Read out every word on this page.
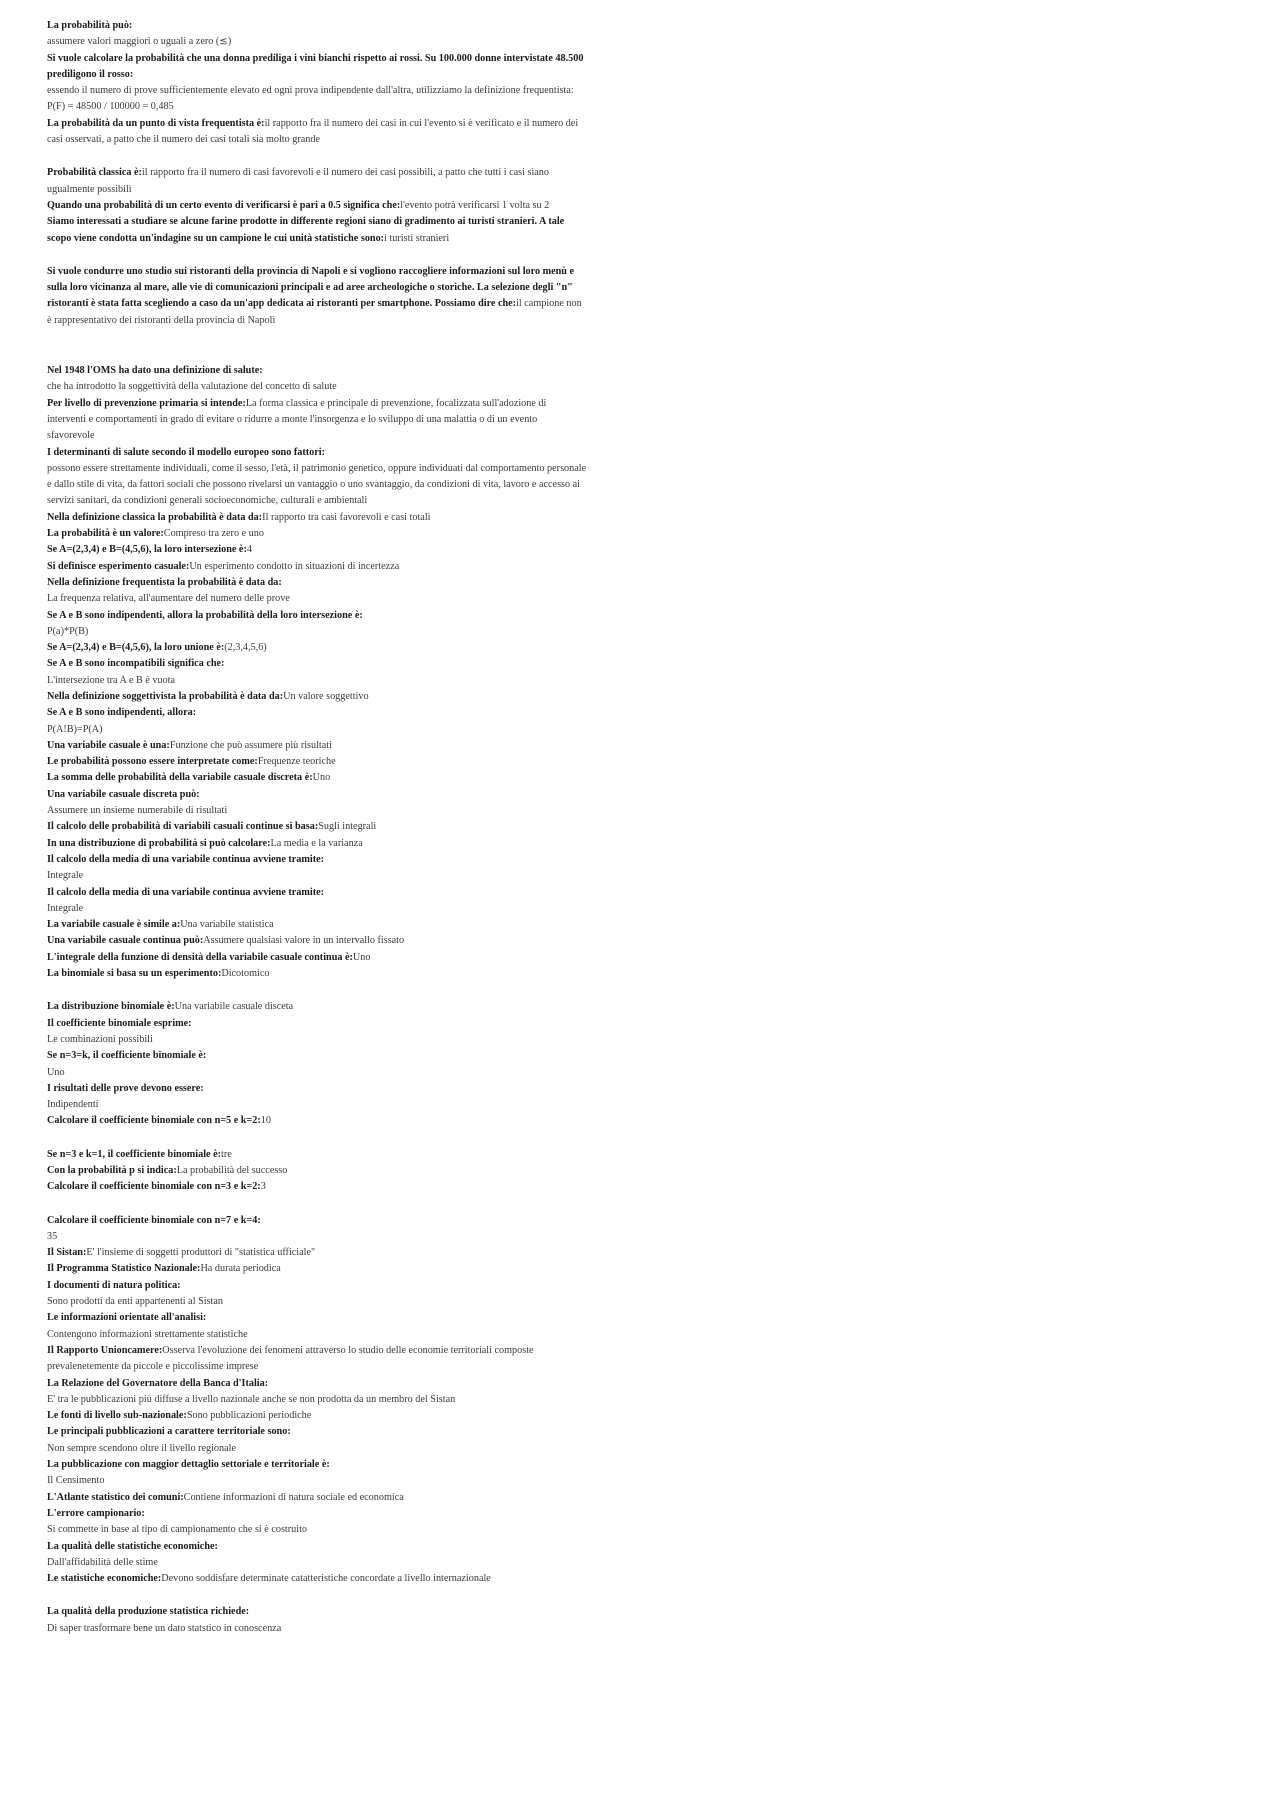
La probabilità può:
assumere valori maggiori o uguali a zero (≲)

Si vuole calcolare la probabilità che una donna prediliga i vini bianchi rispetto ai rossi. Su 100.000 donne intervistate 48.500 prediligono il rosso:
essendo il numero di prove sufficientemente elevato ed ogni prova indipendente dall'altra, utilizziamo la definizione frequentista: P(F) = 48500 / 100000 = 0,485

La probabilità da un punto di vista frequentista è:il rapporto fra il numero dei casi in cui l'evento si è verificato e il numero dei casi osservati, a patto che il numero dei casi totali sia molto grande

Probabilità classica è:il rapporto fra il numero di casi favorevoli e il numero dei casi possibili, a patto che tutti i casi siano ugualmente possibili

Quando una probabilità di un certo evento di verificarsi è pari a 0.5 significa che:l'evento potrà verificarsi 1 volta su 2

Siamo interessati a studiare se alcune farine prodotte in differente regioni siano di gradimento ai turisti stranieri. A tale scopo viene condotta un'indagine su un campione le cui unità statistiche sono:i turisti stranieri

Si vuole condurre uno studio sui ristoranti della provincia di Napoli e si vogliono raccogliere informazioni sul loro menù e sulla loro vicinanza al mare, alle vie di comunicazioni principali e ad aree archeologiche o storiche. La selezione degli "n" ristoranti è stata fatta scegliendo a caso da un'app dedicata ai ristoranti per smartphone. Possiamo dire che:il campione non è rappresentativo dei ristoranti della provincia di Napoli

Nel 1948 l'OMS ha dato una definizione di salute:
che ha introdotto la soggettività della valutazione del concetto di salute

Per livello di prevenzione primaria si intende:La forma classica e principale di prevenzione, focalizzata sull'adozione di interventi e comportamenti in grado di evitare o ridurre a monte l'insorgenza e lo sviluppo di una malattia o di un evento sfavorevole

I determinanti di salute secondo il modello europeo sono fattori:
possono essere strettamente individuali, come il sesso, l'età, il patrimonio genetico, oppure individuati dal comportamento personale e dallo stile di vita, da fattori sociali che possono rivelarsi un vantaggio o uno svantaggio, da condizioni di vita, lavoro e accesso ai servizi sanitari, da condizioni generali socioeconomiche, culturali e ambientali

Nella definizione classica la probabilità è data da:Il rapporto tra casi favorevoli e casi totali

La probabilità è un valore:Compreso tra zero e uno

Se A=(2,3,4) e B=(4,5,6), la loro intersezione è:4

Si definisce esperimento casuale:Un esperimento condotto in situazioni di incertezza

Nella definizione frequentista la probabilità è data da:
La frequenza relativa, all'aumentare del numero delle prove

Se A e B sono indipendenti, allora la probabilità della loro intersezione è:
P(a)*P(B)

Se A=(2,3,4) e B=(4,5,6), la loro unione è:(2,3,4,5,6)

Se A e B sono incompatibili significa che:
L'intersezione tra A e B è vuota

Nella definizione soggettivista la probabilità è data da:Un valore soggettivo

Se A e B sono indipendenti, allora:
P(A!B)=P(A)

Una variabile casuale è una:Funzione che può assumere più risultati

Le probabilità possono essere interpretate come:Frequenze teoriche

La somma delle probabilità della variabile casuale discreta è:Uno

Una variabile casuale discreta può:
Assumere un insieme numerabile di risultati

Il calcolo delle probabilità di variabili casuali continue si basa:Sugli integrali

In una distribuzione di probabilità si può calcolare:La media e la varianza

Il calcolo della media di una variabile continua avviene tramite:
Integrale

Il calcolo della media di una variabile continua avviene tramite:
Integrale

La variabile casuale è simile a:Una variabile statistica

Una variabile casuale continua può:Assumere qualsiasi valore in un intervallo fissato

L'integrale della funzione di densità della variabile casuale continua è:Uno

La binomiale si basa su un esperimento:Dicotomico

La distribuzione binomiale è:Una variabile casuale disceta

Il coefficiente binomiale esprime:
Le combinazioni possibili

Se n=3=k, il coefficiente binomiale è:
Uno

I risultati delle prove devono essere:
Indipendenti

Calcolare il coefficiente binomiale con n=5 e k=2:10

Se n=3 e k=1, il coefficiente binomiale è:tre

Con la probabilità p si indica:La probabilità del successo

Calcolare il coefficiente binomiale con n=3 e k=2:3

Calcolare il coefficiente binomiale con n=7 e k=4:
35

Il Sistan:E' l'insieme di soggetti produttori di "statistica ufficiale"

Il Programma Statistico Nazionale:Ha durata periodica

I documenti di natura politica:
Sono prodotti da enti appartenenti al Sistan

Le informazioni orientate all'analisi:
Contengono informazioni strettamente statistiche

Il Rapporto Unioncamere:Osserva l'evoluzione dei fenomeni attraverso lo studio delle economie territoriali composte prevalenetemente da piccole e piccolissime imprese

La Relazione del Governatore della Banca d'Italia:
E' tra le pubblicazioni più diffuse a livello nazionale anche se non prodotta da un membro del Sistan

Le fonti di livello sub-nazionale:Sono pubblicazioni periodiche

Le principali pubblicazioni a carattere territoriale sono:
Non sempre scendono oltre il livello regionale

La pubblicazione con maggior dettaglio settoriale e territoriale è:
Il Censimento

L'Atlante statistico dei comuni:Contiene informazioni di natura sociale ed economica

L'errore campionario:
Si commette in base al tipo di campionamento che si è costruito

La qualità delle statistiche economiche:
Dall'affidabilità delle stime

Le statistiche economiche:Devono soddisfare determinate catatteristiche concordate a livello internazionale

La qualità della produzione statistica richiede:
Di saper trasformare bene un dato statstico in conoscenza
